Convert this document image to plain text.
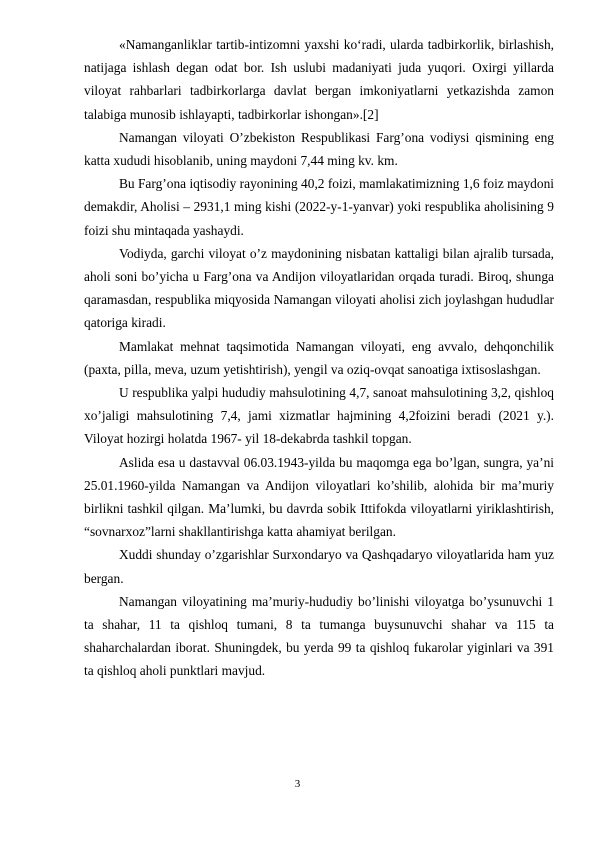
«Namanganliklar tartib-intizomni yaxshi ko‘radi, ularda tadbirkorlik, birlashish, natijaga ishlash degan odat bor. Ish uslubi madaniyati juda yuqori. Oxirgi yillarda viloyat rahbarlari tadbirkorlarga davlat bergan imkoniyatlarni yetkazishda zamon talabiga munosib ishlayapti, tadbirkorlar ishongan».[2]

Namangan viloyati O’zbekiston Respublikasi Farg’ona vodiysi qismining eng katta xududi hisoblanib, uning maydoni 7,44 ming kv. km.

Bu Farg’ona iqtisodiy rayonining 40,2 foizi, mamlakatimizning 1,6 foiz maydoni demakdir, Aholisi – 2931,1 ming kishi (2022-y-1-yanvar) yoki respublika aholisining 9 foizi shu mintaqada yashaydi.

Vodiyda, garchi viloyat o’z maydonining nisbatan kattaligi bilan ajralib tursada, aholi soni bo’yicha u Farg’ona va Andijon viloyatlaridan orqada turadi. Biroq, shunga qaramasdan, respublika miqyosida Namangan viloyati aholisi zich joylashgan hududlar qatoriga kiradi.

Mamlakat mehnat taqsimotida Namangan viloyati, eng avvalo, dehqonchilik (paxta, pilla, meva, uzum yetishtirish), yengil va oziq-ovqat sanoatiga ixtisoslashgan.

U respublika yalpi hududiy mahsulotining 4,7, sanoat mahsulotining 3,2, qishloq xo’jaligi mahsulotining 7,4, jami xizmatlar hajmining 4,2foizini beradi (2021 y.). Viloyat hozirgi holatda 1967- yil 18-dekabrda tashkil topgan.

Aslida esa u dastavval 06.03.1943-yilda bu maqomga ega bo’lgan, sungra, ya’ni 25.01.1960-yilda Namangan va Andijon viloyatlari ko’shilib, alohida bir ma’muriy birlikni tashkil qilgan. Ma’lumki, bu davrda sobik Ittifokda viloyatlarni yiriklashtirish, “sovnarxoz”larni shakllantirishga katta ahamiyat berilgan.

Xuddi shunday o’zgarishlar Surxondaryo va Qashqadaryo viloyatlarida ham yuz bergan.

Namangan viloyatining ma’muriy-hududiy bo’linishi viloyatga bo’ysunuvchi 1 ta shahar, 11 ta qishloq tumani, 8 ta tumanga buysunuvchi shahar va 115 ta shaharchalardan iborat. Shuningdek, bu yerda 99 ta qishloq fukarolar yiginlari va 391 ta qishloq aholi punktlari mavjud.

3
